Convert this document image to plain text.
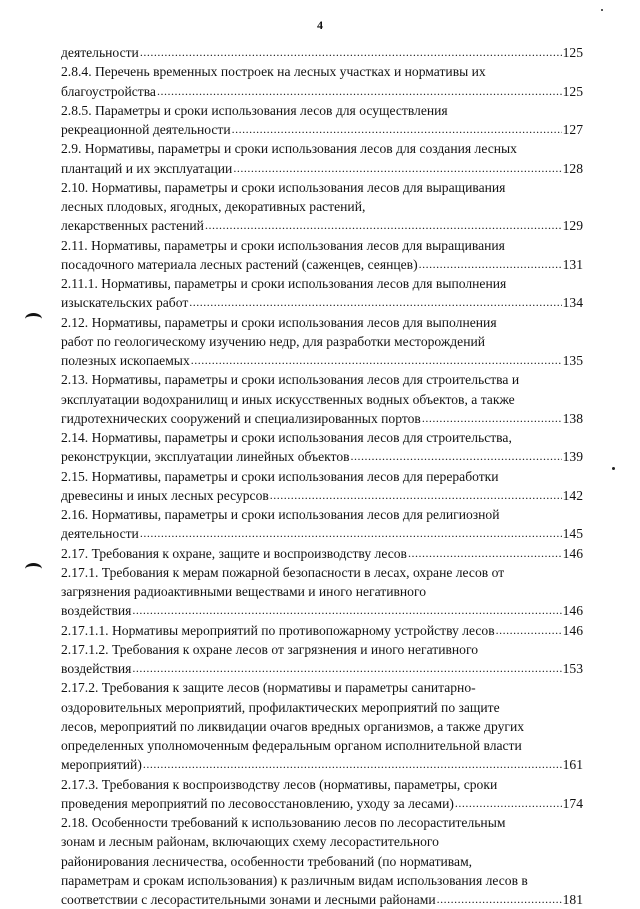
4
деятельности .....	125
2.8.4. Перечень временных построек на лесных участках и нормативы их
благоустройства .....	125
2.8.5. Параметры и сроки использования лесов для осуществления
рекреационной деятельности .....	127
2.9. Нормативы, параметры и сроки использования лесов для создания лесных
плантаций и их эксплуатации .....	128
2.10. Нормативы, параметры и сроки использования лесов для выращивания
лесных плодовых, ягодных, декоративных растений,
лекарственных растений .....	129
2.11. Нормативы, параметры и сроки использования лесов для выращивания
посадочного материала лесных растений (саженцев, сеянцев) .....	131
2.11.1. Нормативы, параметры и сроки использования лесов для выполнения
изыскательских работ .....	134
2.12. Нормативы, параметры и сроки использования лесов для выполнения
работ по геологическому изучению недр, для разработки месторождений
полезных ископаемых .....	135
2.13. Нормативы, параметры и сроки использования лесов для строительства и
эксплуатации водохранилищ и иных искусственных водных объектов, а также
гидротехнических сооружений и специализированных портов .....	138
2.14. Нормативы, параметры и сроки использования лесов для строительства,
реконструкции, эксплуатации линейных объектов .....	139
2.15. Нормативы, параметры и сроки использования лесов для переработки
древесины и иных лесных ресурсов .....	142
2.16. Нормативы, параметры и сроки использования лесов для религиозной
деятельности .....	145
2.17. Требования к охране, защите и воспроизводству лесов .....	146
2.17.1. Требования к мерам пожарной безопасности в лесах, охране лесов от
загрязнения радиоактивными веществами и иного негативного
воздействия .....	146
2.17.1.1. Нормативы мероприятий по противопожарному устройству лесов .....	146
2.17.1.2. Требования к охране лесов от загрязнения и иного негативного
воздействия .....	153
2.17.2. Требования к защите лесов (нормативы и параметры санитарно-
оздоровительных мероприятий, профилактических мероприятий по защите
лесов, мероприятий по ликвидации очагов вредных организмов, а также других
определенных уполномоченным федеральным органом исполнительной власти
мероприятий) .....	161
2.17.3. Требования к воспроизводству лесов (нормативы, параметры, сроки
проведения мероприятий по лесовосстановлению, уходу за лесами) .....	174
2.18. Особенности требований к использованию лесов по лесорастительным
зонам и лесным районам, включающих схему лесорастительного
районирования лесничества, особенности требований (по нормативам,
параметрам и срокам использования) к различным видам использования лесов в
соответствии с лесорастительными зонами и лесными районами .....	181
